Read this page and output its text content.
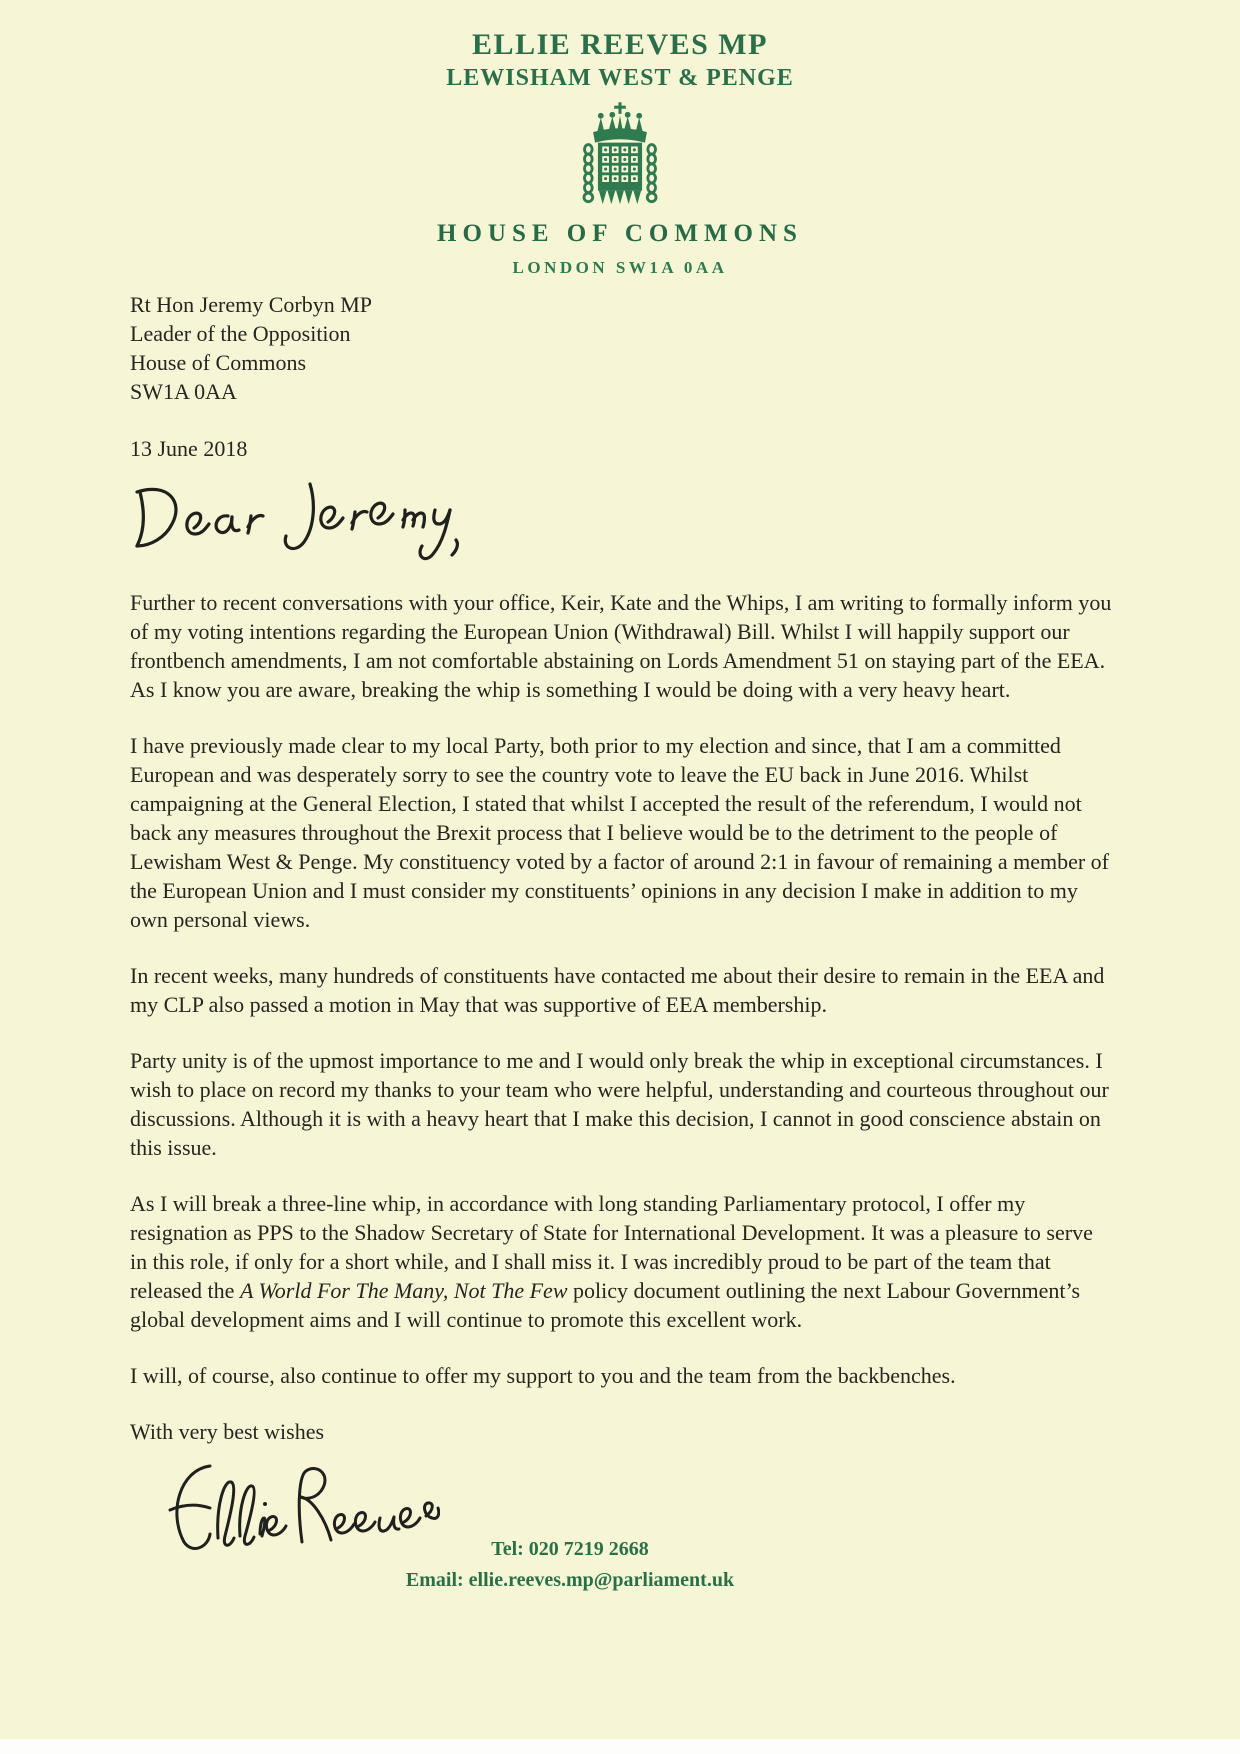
ELLIE REEVES MP
LEWISHAM WEST & PENGE
HOUSE OF COMMONS
LONDON SW1A 0AA
Rt Hon Jeremy Corbyn MP
Leader of the Opposition
House of Commons
SW1A 0AA
13 June 2018

Further to recent conversations with your office, Keir, Kate and the Whips, I am writing to formally inform you of my voting intentions regarding the European Union (Withdrawal) Bill. Whilst I will happily support our frontbench amendments, I am not comfortable abstaining on Lords Amendment 51 on staying part of the EEA. As I know you are aware, breaking the whip is something I would be doing with a very heavy heart.

I have previously made clear to my local Party, both prior to my election and since, that I am a committed European and was desperately sorry to see the country vote to leave the EU back in June 2016. Whilst campaigning at the General Election, I stated that whilst I accepted the result of the referendum, I would not back any measures throughout the Brexit process that I believe would be to the detriment to the people of Lewisham West & Penge. My constituency voted by a factor of around 2:1 in favour of remaining a member of the European Union and I must consider my constituents’ opinions in any decision I make in addition to my own personal views.

In recent weeks, many hundreds of constituents have contacted me about their desire to remain in the EEA and my CLP also passed a motion in May that was supportive of EEA membership.

Party unity is of the upmost importance to me and I would only break the whip in exceptional circumstances. I wish to place on record my thanks to your team who were helpful, understanding and courteous throughout our discussions. Although it is with a heavy heart that I make this decision, I cannot in good conscience abstain on this issue.

As I will break a three-line whip, in accordance with long standing Parliamentary protocol, I offer my resignation as PPS to the Shadow Secretary of State for International Development. It was a pleasure to serve in this role, if only for a short while, and I shall miss it. I was incredibly proud to be part of the team that released the A World For The Many, Not The Few policy document outlining the next Labour Government’s global development aims and I will continue to promote this excellent work.

I will, of course, also continue to offer my support to you and the team from the backbenches.

With very best wishes
Tel: 020 7219 2668
Email: ellie.reeves.mp@parliament.uk
